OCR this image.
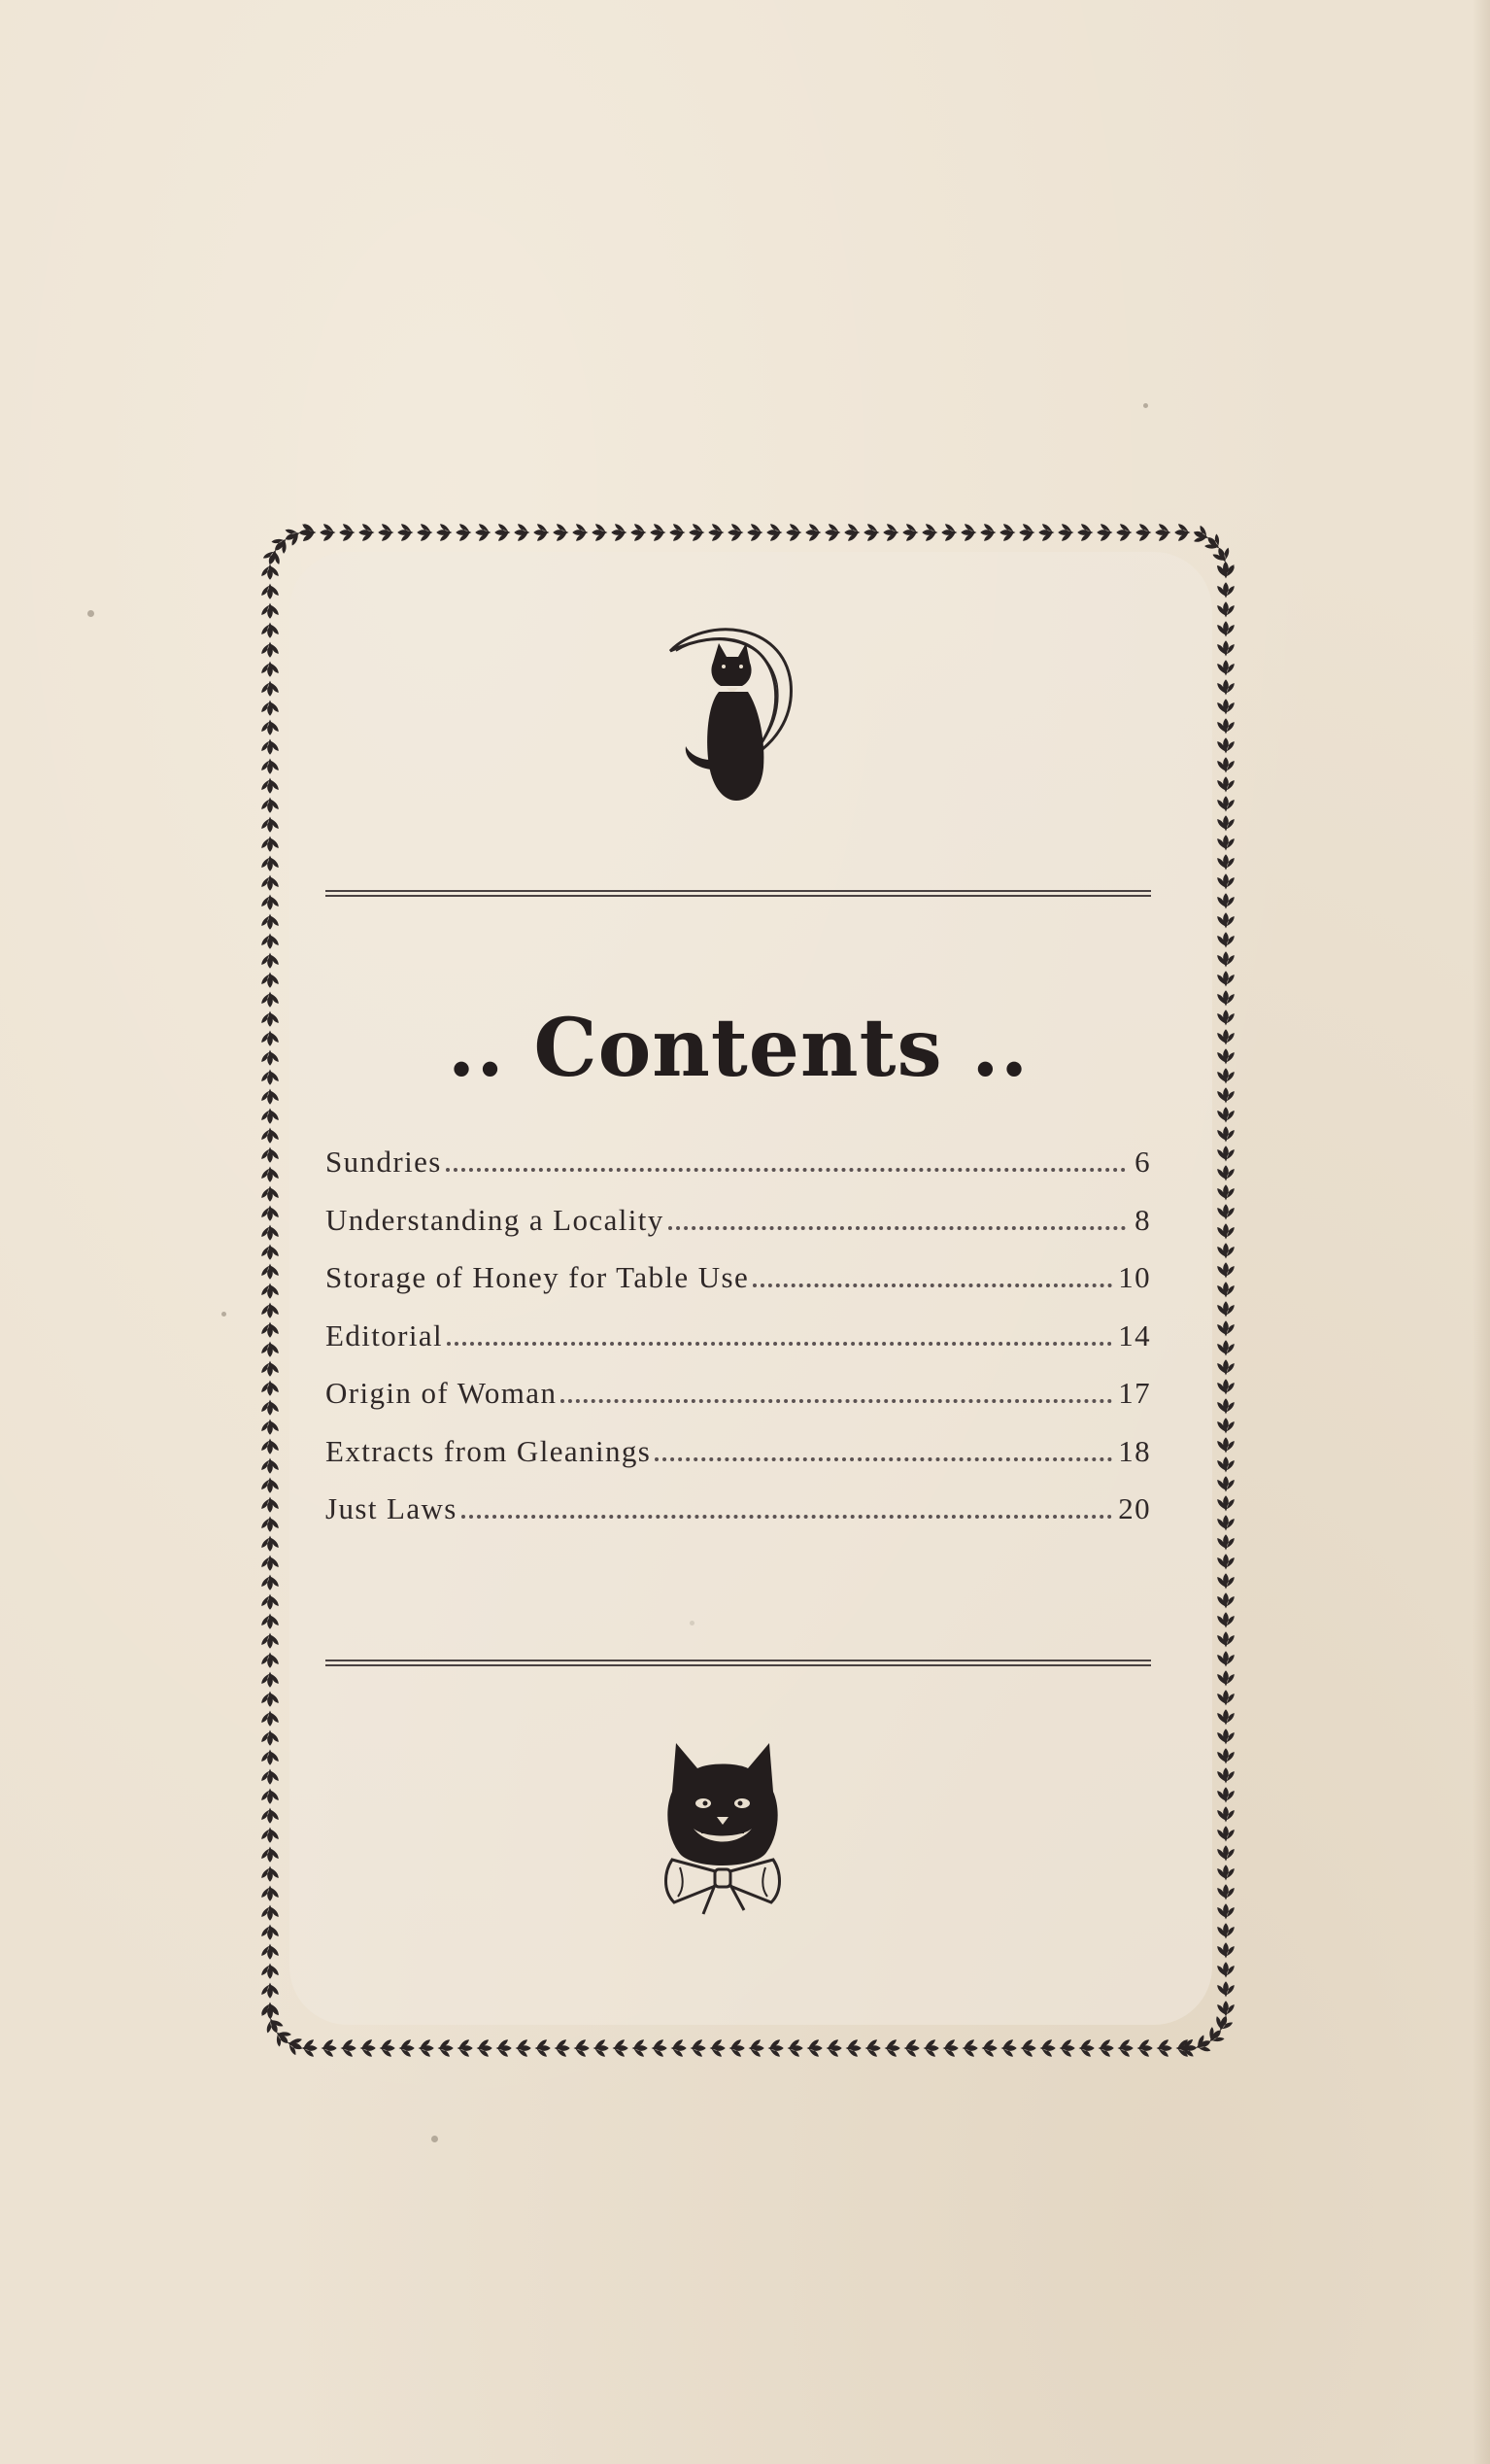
.. Contents ..
Sundries	6
Understanding a Locality	8
Storage of Honey for Table Use	10
Editorial	14
Origin of Woman	17
Extracts from Gleanings	18
Just Laws	20
